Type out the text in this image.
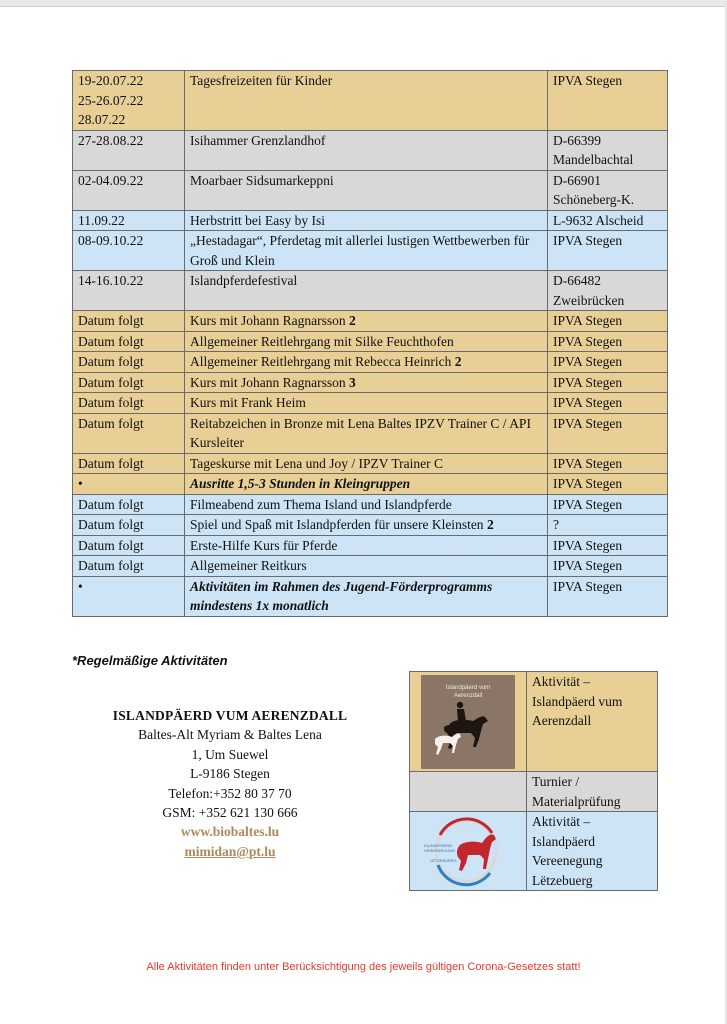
19-20.07.22
25-26.07.22
28.07.22	Tagesfreizeiten für Kinder	IPVA Stegen

27-28.08.22	Isihammer Grenzlandhof	D-66399
Mandelbachtal

02-04.09.22	Moarbaer Sidsumarkeppni	D-66901
Schöneberg-K.

11.09.22	Herbstritt bei Easy by Isi	L-9632 Alscheid

08-09.10.22	„Hestadagar“, Pferdetag mit allerlei lustigen Wettbewerben für Groß und Klein	IPVA Stegen

14-16.10.22	Islandpferdefestival	D-66482
Zweibrücken

Datum folgt	Kurs mit Johann Ragnarsson 2	IPVA Stegen

Datum folgt	Allgemeiner Reitlehrgang mit Silke Feuchthofen	IPVA Stegen

Datum folgt	Allgemeiner Reitlehrgang mit Rebecca Heinrich 2	IPVA Stegen

Datum folgt	Kurs mit Johann Ragnarsson 3	IPVA Stegen

Datum folgt	Kurs mit Frank Heim	IPVA Stegen

Datum folgt	Reitabzeichen in Bronze mit Lena Baltes IPZV Trainer C / API Kursleiter	IPVA Stegen

Datum folgt	Tageskurse mit Lena und Joy / IPZV Trainer C	IPVA Stegen

•	Ausritte 1,5-3 Stunden in Kleingruppen	IPVA Stegen

Datum folgt	Filmeabend zum Thema Island und Islandpferde	IPVA Stegen

Datum folgt	Spiel und Spaß mit Islandpferden für unsere Kleinsten 2	?

Datum folgt	Erste-Hilfe Kurs für Pferde	IPVA Stegen

Datum folgt	Allgemeiner Reitkurs	IPVA Stegen

•	Aktivitäten im Rahmen des Jugend-Förderprogramms mindestens 1x monatlich	IPVA Stegen
*Regelmäßige Aktivitäten
ISLANDPÄERD VUM AERENZDALL
Baltes-Alt Myriam & Baltes Lena
1, Um Suewel
L-9186 Stegen
Telefon:+352 80 37 70
GSM: +352 621 130 666
www.biobaltes.lu
mimidan@pt.lu
Islandpäerd vum
Aerenzdall	Aktivität – Islandpäerd vum Aerenzdall
	Turnier / Materialprüfung

ISLANDPÄERD
VEREENEGUNG
LËTZEBUERG	Aktivität – Islandpäerd Vereenegung Lëtzebuerg
Alle Aktivitäten finden unter Berücksichtigung des jeweils gültigen Corona-Gesetzes statt!
